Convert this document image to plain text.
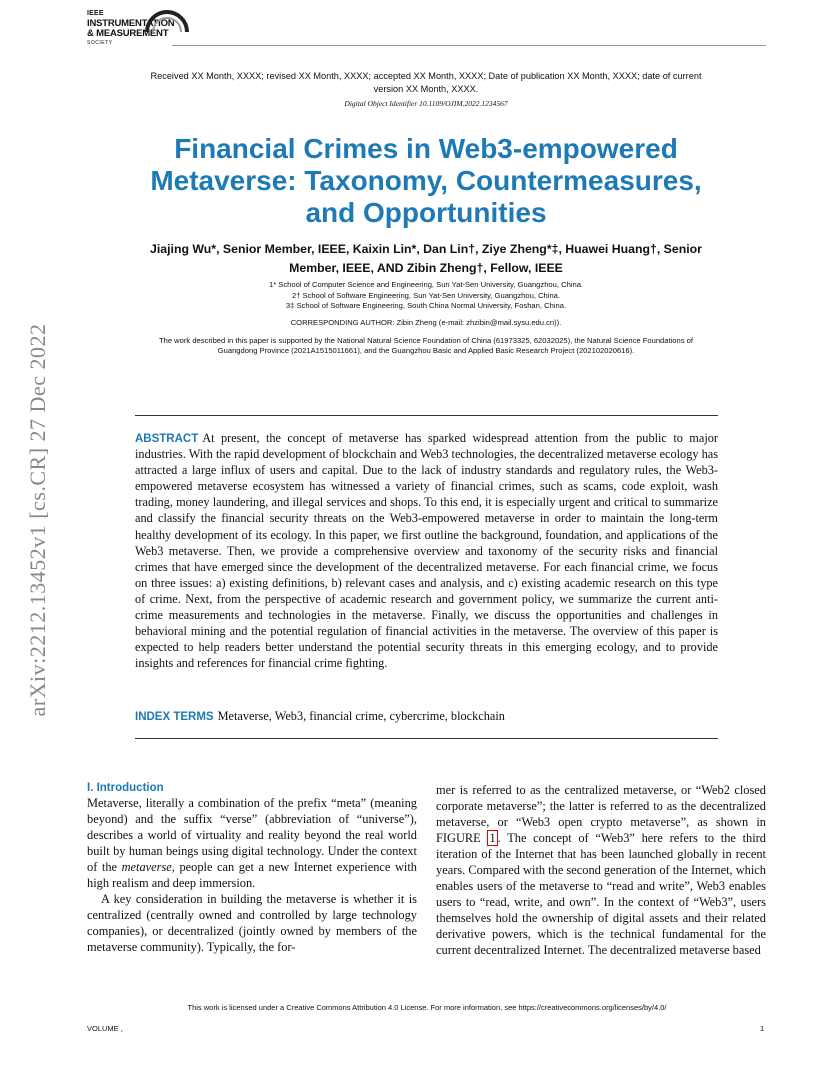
IEEE
INSTRUMENTATION
& MEASUREMENT
SOCIETY
Received XX Month, XXXX; revised XX Month, XXXX; accepted XX Month, XXXX; Date of publication XX Month, XXXX; date of current version XX Month, XXXX.
Digital Object Identifier 10.1109/OJIM.2022.1234567
Financial Crimes in Web3-empowered Metaverse: Taxonomy, Countermeasures, and Opportunities
Jiajing Wu*, Senior Member, IEEE, Kaixin Lin*, Dan Lin†, Ziye Zheng*‡, Huawei Huang†, Senior Member, IEEE, AND Zibin Zheng†, Fellow, IEEE
1* School of Computer Science and Engineering, Sun Yat-Sen University, Guangzhou, China.
2† School of Software Engineering, Sun Yat-Sen University, Guangzhou, China.
3‡ School of Software Engineering, South China Normal University, Foshan, China.
CORRESPONDING AUTHOR: Zibin Zheng (e-mail: zhzibin@mail.sysu.edu.cn)).
The work described in this paper is supported by the National Natural Science Foundation of China (61973325, 62032025), the Natural Science Foundations of Guangdong Province (2021A1515011661), and the Guangzhou Basic and Applied Basic Research Project (202102020616).
ABSTRACT At present, the concept of metaverse has sparked widespread attention from the public to major industries. With the rapid development of blockchain and Web3 technologies, the decentralized metaverse ecology has attracted a large influx of users and capital. Due to the lack of industry standards and regulatory rules, the Web3-empowered metaverse ecosystem has witnessed a variety of financial crimes, such as scams, code exploit, wash trading, money laundering, and illegal services and shops. To this end, it is especially urgent and critical to summarize and classify the financial security threats on the Web3-empowered metaverse in order to maintain the long-term healthy development of its ecology. In this paper, we first outline the background, foundation, and applications of the Web3 metaverse. Then, we provide a comprehensive overview and taxonomy of the security risks and financial crimes that have emerged since the development of the decentralized metaverse. For each financial crime, we focus on three issues: a) existing definitions, b) relevant cases and analysis, and c) existing academic research on this type of crime. Next, from the perspective of academic research and government policy, we summarize the current anti-crime measurements and technologies in the metaverse. Finally, we discuss the opportunities and challenges in behavioral mining and the potential regulation of financial activities in the metaverse. The overview of this paper is expected to help readers better understand the potential security threats in this emerging ecology, and to provide insights and references for financial crime fighting.
INDEX TERMS Metaverse, Web3, financial crime, cybercrime, blockchain
arXiv:2212.13452v1 [cs.CR] 27 Dec 2022
I. Introduction

Metaverse, literally a combination of the prefix “meta” (meaning beyond) and the suffix “verse” (abbreviation of “universe”), describes a world of virtuality and reality beyond the real world built by human beings using digital technology. Under the context of the metaverse, people can get a new Internet experience with high realism and deep immersion.

A key consideration in building the metaverse is whether it is centralized (centrally owned and controlled by large technology companies), or decentralized (jointly owned by members of the metaverse community). Typically, the for-

mer is referred to as the centralized metaverse, or “Web2 closed corporate metaverse”; the latter is referred to as the decentralized metaverse, or “Web3 open crypto metaverse”, as shown in FIGURE 1 . The concept of “Web3” here refers to the third iteration of the Internet that has been launched globally in recent years. Compared with the second generation of the Internet, which enables users of the metaverse to “read and write”, Web3 enables users to “read, write, and own”. In the context of “Web3”, users themselves hold the ownership of digital assets and their related derivative powers, which is the technical fundamental for the current decentralized Internet. The decentralized metaverse based

This work is licensed under a Creative Commons Attribution 4.0 License. For more information, see https://creativecommons.org/licenses/by/4.0/
VOLUME ,	1
